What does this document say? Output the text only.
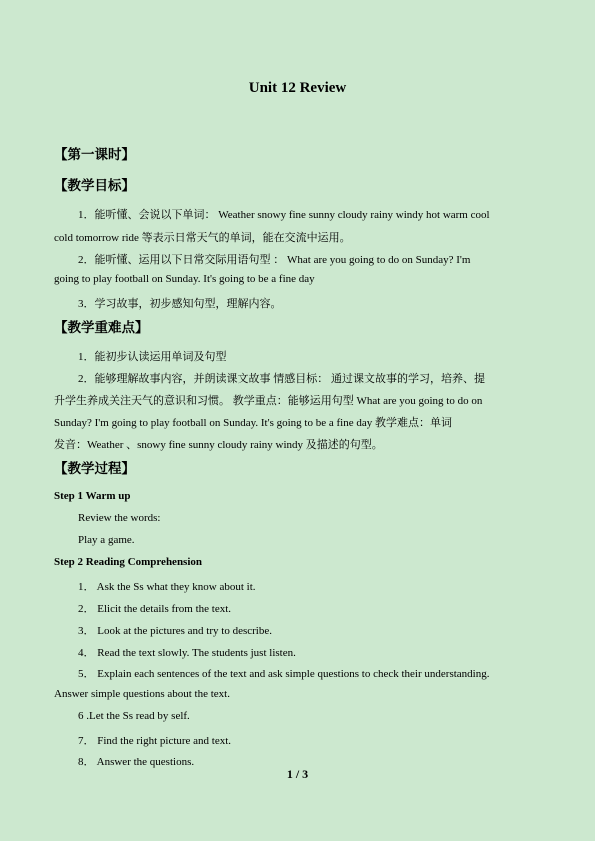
Unit 12 Review
【第一课时】
【教学目标】
1．能听懂、会说以下单词： Weather snowy fine sunny cloudy rainy windy hot warm cool
cold tomorrow ride 等表示日常天气的单词，能在交流中运用。
2．能听懂、运用以下日常交际用语句型 ： What are you going to do on Sunday? I'm
going to play football on Sunday. It's going to be a fine day
3．学习故事，初步感知句型，理解内容。
【教学重难点】
1．能初步认读运用单词及句型
2．能够理解故事内容，并朗读课文故事 情感目标： 通过课文故事的学习，培养、提
升学生养成关注天气的意识和习惯。 教学重点：能够运用句型 What are you going to do on
Sunday? I'm going to play football on Sunday. It's going to be a fine day 教学难点：单词
发音：Weather 、snowy fine sunny cloudy rainy windy 及描述的句型。
【教学过程】
Step 1 Warm up
Review the words:
Play a game.
Step 2 Reading Comprehension
1． Ask the Ss what they know about it.
2． Elicit the details from the text.
3． Look at the pictures and try to describe.
4． Read the text slowly. The students just listen.
5． Explain each sentences of the text and ask simple questions to check their understanding.
Answer simple questions about the text.
6 .Let the Ss read by self.
7． Find the right picture and text.
8． Answer the questions.
1 / 3
